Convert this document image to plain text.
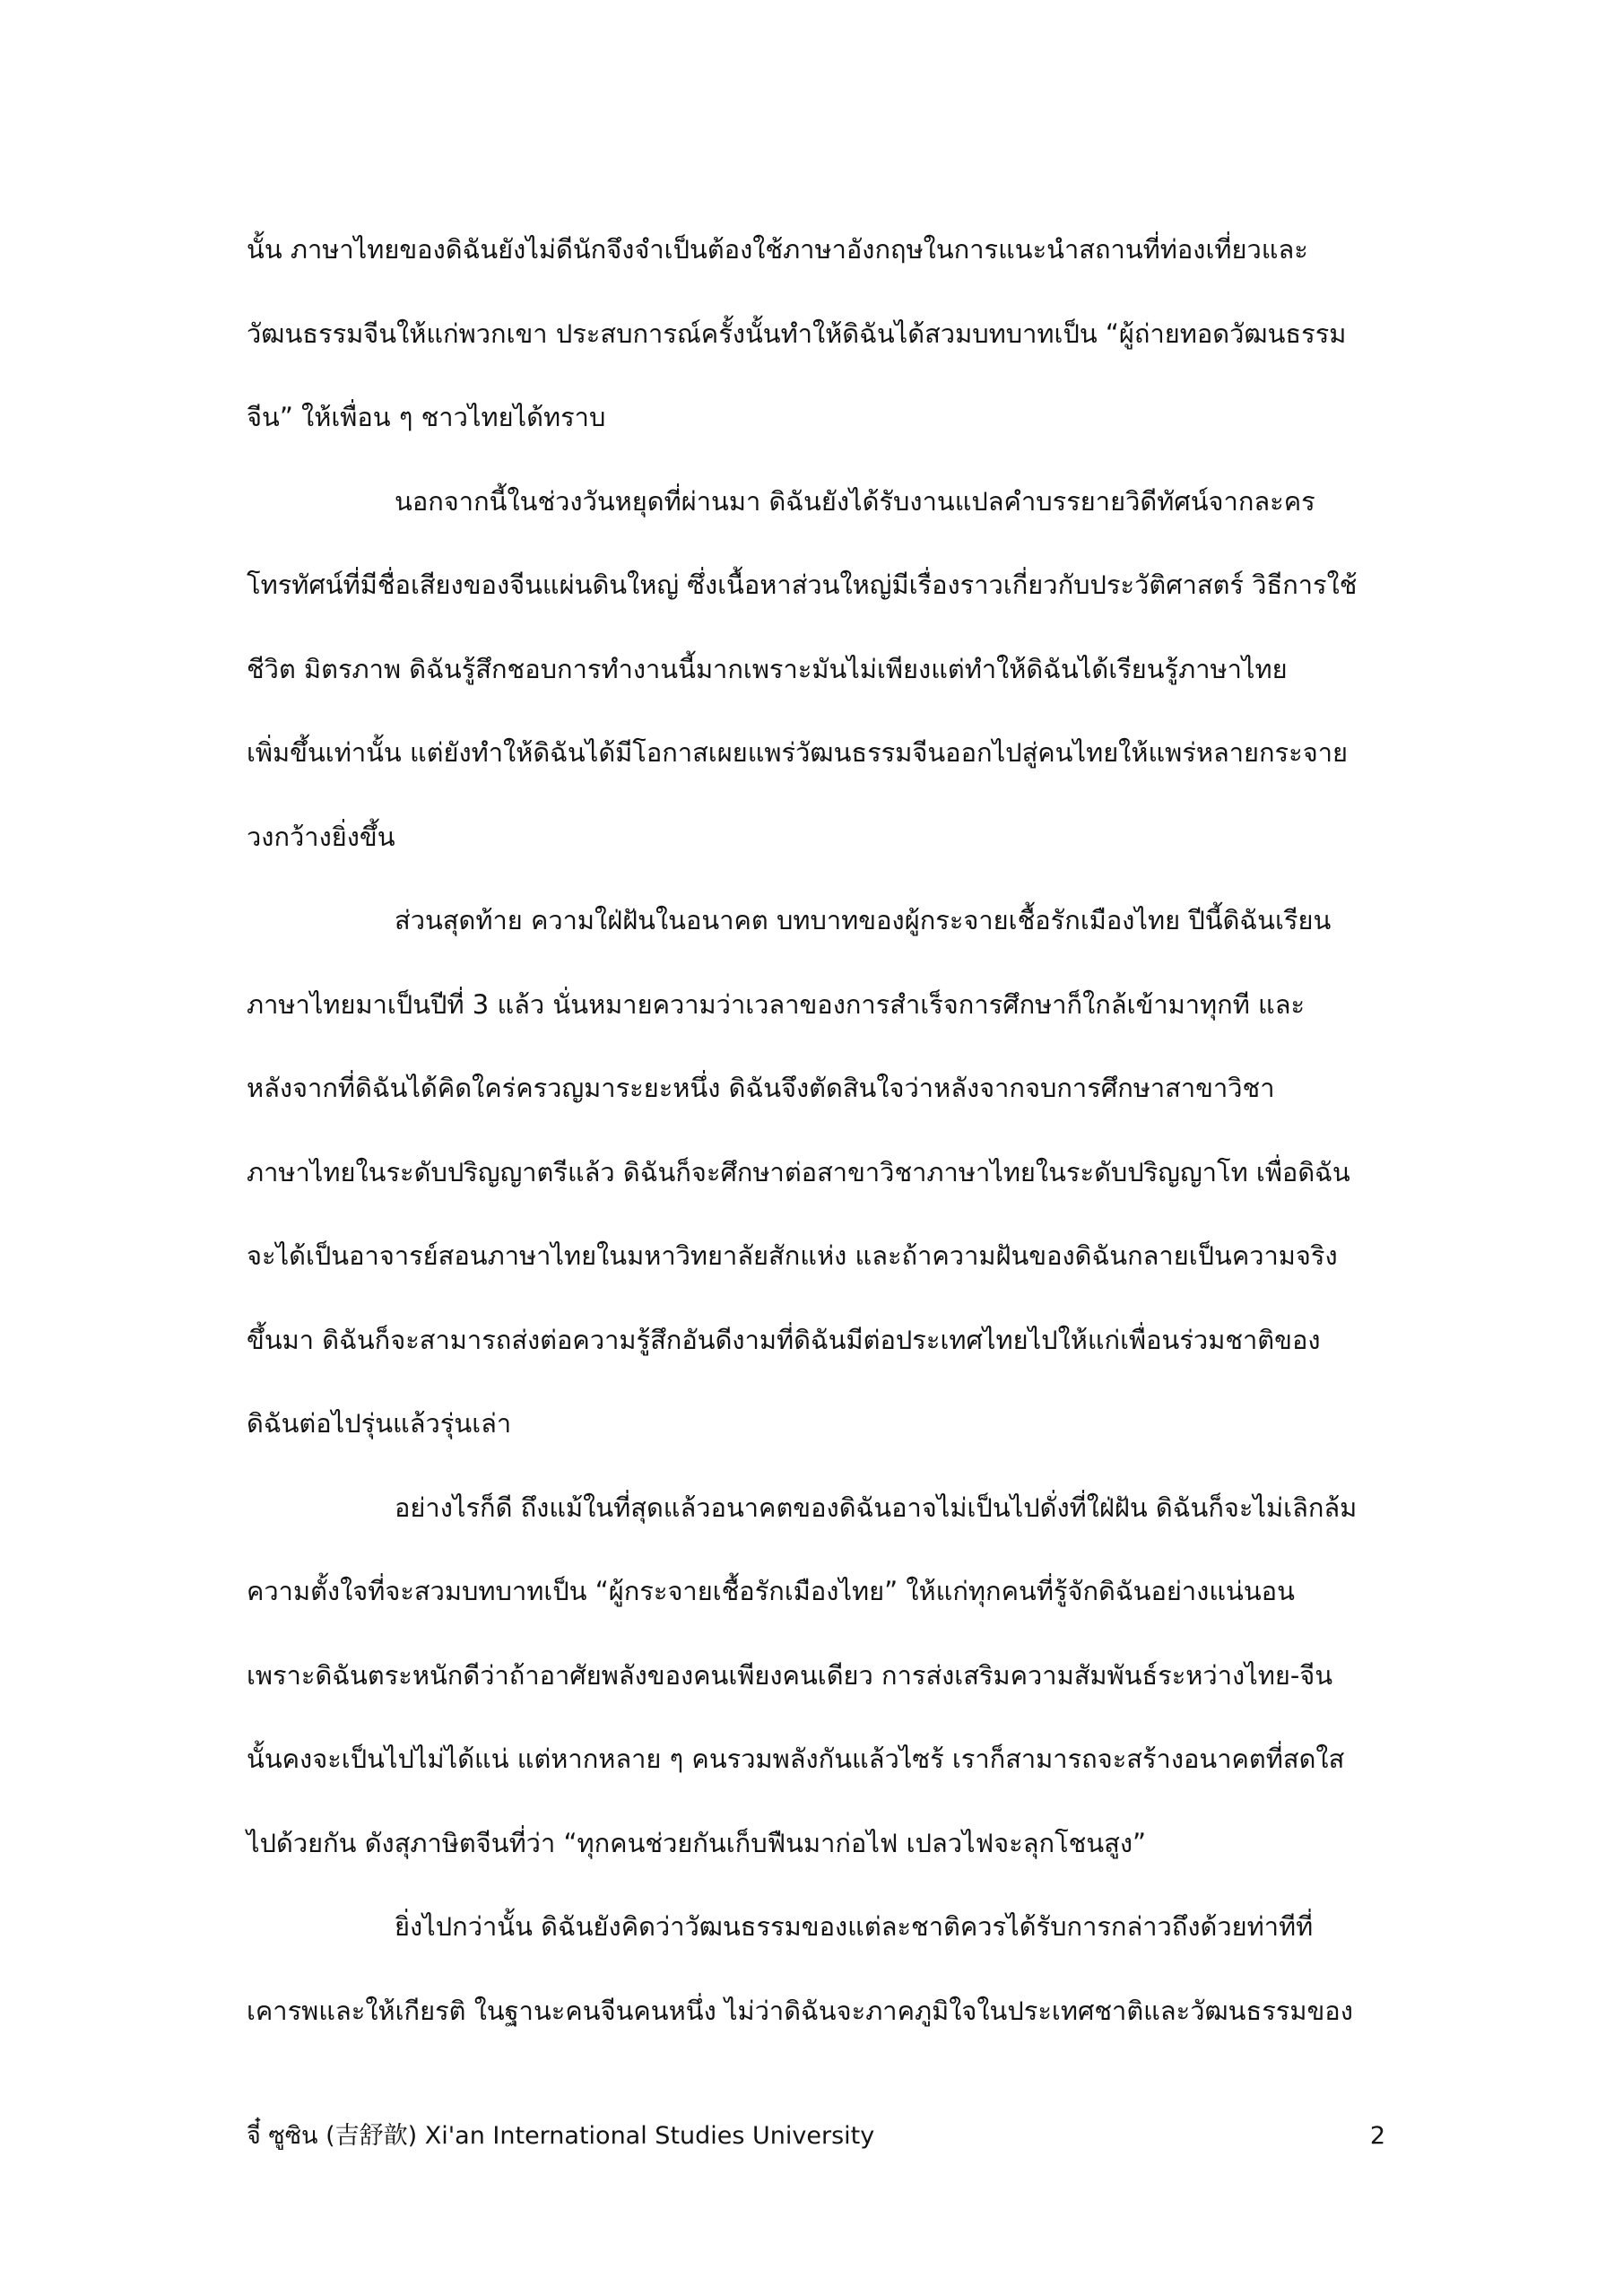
นั้น ภาษาไทยของดิฉันยังไม่ดีนักจึงจำเป็นต้องใช้ภาษาอังกฤษในการแนะนำสถานที่ท่องเที่ยวและ
วัฒนธรรมจีนให้แก่พวกเขา ประสบการณ์ครั้งนั้นทำให้ดิฉันได้สวมบทบาทเป็น “ผู้ถ่ายทอดวัฒนธรรม
จีน” ให้เพื่อน ๆ ชาวไทยได้ทราบ
นอกจากนี้ในช่วงวันหยุดที่ผ่านมา ดิฉันยังได้รับงานแปลคำบรรยายวิดีทัศน์จากละคร
โทรทัศน์ที่มีชื่อเสียงของจีนแผ่นดินใหญ่ ซึ่งเนื้อหาส่วนใหญ่มีเรื่องราวเกี่ยวกับประวัติศาสตร์ วิธีการใช้
ชีวิต มิตรภาพ ดิฉันรู้สึกชอบการทำงานนี้มากเพราะมันไม่เพียงแต่ทำให้ดิฉันได้เรียนรู้ภาษาไทย
เพิ่มขึ้นเท่านั้น แต่ยังทำให้ดิฉันได้มีโอกาสเผยแพร่วัฒนธรรมจีนออกไปสู่คนไทยให้แพร่หลายกระจาย
วงกว้างยิ่งขึ้น
ส่วนสุดท้าย ความใฝ่ฝันในอนาคต บทบาทของผู้กระจายเชื้อรักเมืองไทย ปีนี้ดิฉันเรียน
ภาษาไทยมาเป็นปีที่ 3 แล้ว นั่นหมายความว่าเวลาของการสำเร็จการศึกษาก็ใกล้เข้ามาทุกที และ
หลังจากที่ดิฉันได้คิดใคร่ครวญมาระยะหนึ่ง ดิฉันจึงตัดสินใจว่าหลังจากจบการศึกษาสาขาวิชา
ภาษาไทยในระดับปริญญาตรีแล้ว ดิฉันก็จะศึกษาต่อสาขาวิชาภาษาไทยในระดับปริญญาโท เพื่อดิฉัน
จะได้เป็นอาจารย์สอนภาษาไทยในมหาวิทยาลัยสักแห่ง และถ้าความฝันของดิฉันกลายเป็นความจริง
ขึ้นมา ดิฉันก็จะสามารถส่งต่อความรู้สึกอันดีงามที่ดิฉันมีต่อประเทศไทยไปให้แก่เพื่อนร่วมชาติของ
ดิฉันต่อไปรุ่นแล้วรุ่นเล่า
อย่างไรก็ดี ถึงแม้ในที่สุดแล้วอนาคตของดิฉันอาจไม่เป็นไปดั่งที่ใฝ่ฝัน ดิฉันก็จะไม่เลิกล้ม
ความตั้งใจที่จะสวมบทบาทเป็น “ผู้กระจายเชื้อรักเมืองไทย” ให้แก่ทุกคนที่รู้จักดิฉันอย่างแน่นอน
เพราะดิฉันตระหนักดีว่าถ้าอาศัยพลังของคนเพียงคนเดียว การส่งเสริมความสัมพันธ์ระหว่างไทย-จีน
นั้นคงจะเป็นไปไม่ได้แน่ แต่หากหลาย ๆ คนรวมพลังกันแล้วไซร้ เราก็สามารถจะสร้างอนาคตที่สดใส
ไปด้วยกัน ดังสุภาษิตจีนที่ว่า “ทุกคนช่วยกันเก็บฟืนมาก่อไฟ เปลวไฟจะลุกโชนสูง”
ยิ่งไปกว่านั้น ดิฉันยังคิดว่าวัฒนธรรมของแต่ละชาติควรได้รับการกล่าวถึงด้วยท่าทีที่
เคารพและให้เกียรติ ในฐานะคนจีนคนหนึ่ง ไม่ว่าดิฉันจะภาคภูมิใจในประเทศชาติและวัฒนธรรมของ
จี๋ ซูซิน (吉舒歆) Xi'an International Studies University	2
